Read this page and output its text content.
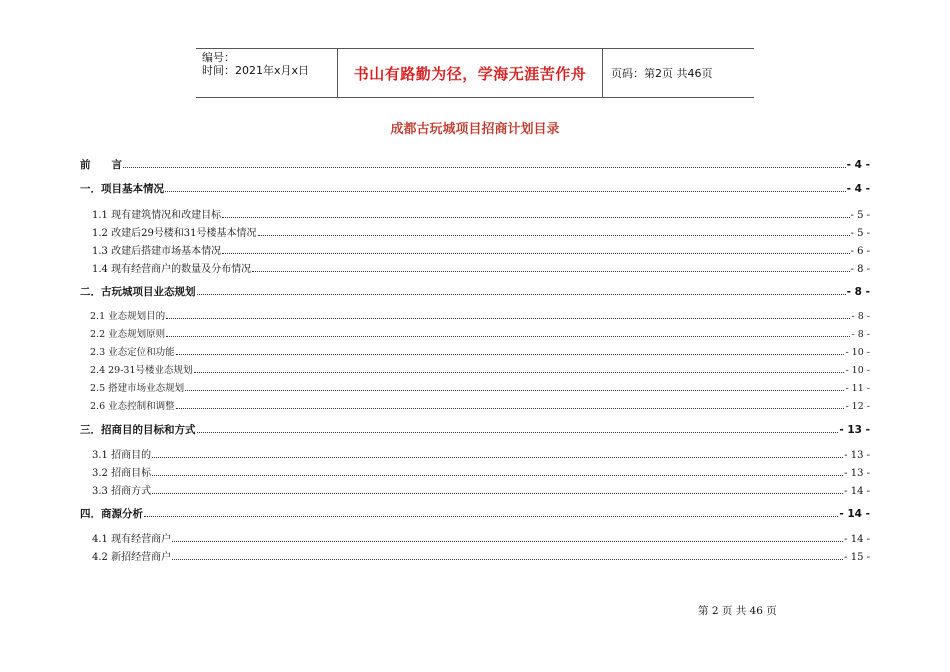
编号：
时间：2021年x月x日	书山有路勤为径，学海无涯苦作舟	页码：第2页 共46页
成都古玩城项目招商计划目录
前　　言	- 4 -
一．项目基本情况	- 4 -
1.1 现有建筑情况和改建目标	- 5 -
1.2 改建后29号楼和31号楼基本情况	- 5 -
1.3 改建后搭建市场基本情况	- 6 -
1.4 现有经营商户的数量及分布情况	- 8 -
二．古玩城项目业态规划	- 8 -
2.1 业态规划目的	- 8 -
2.2 业态规划原则	- 8 -
2.3 业态定位和功能	- 10 -
2.4 29-31号楼业态规划	- 10 -
2.5 搭建市场业态规划	- 11 -
2.6 业态控制和调整	- 12 -
三．招商目的目标和方式	- 13 -
3.1 招商目的	- 13 -
3.2 招商目标	- 13 -
3.3 招商方式	- 14 -
四．商源分析	- 14 -
4.1 现有经营商户	- 14 -
4.2 新招经营商户	- 15 -
第 2 页 共 46 页
